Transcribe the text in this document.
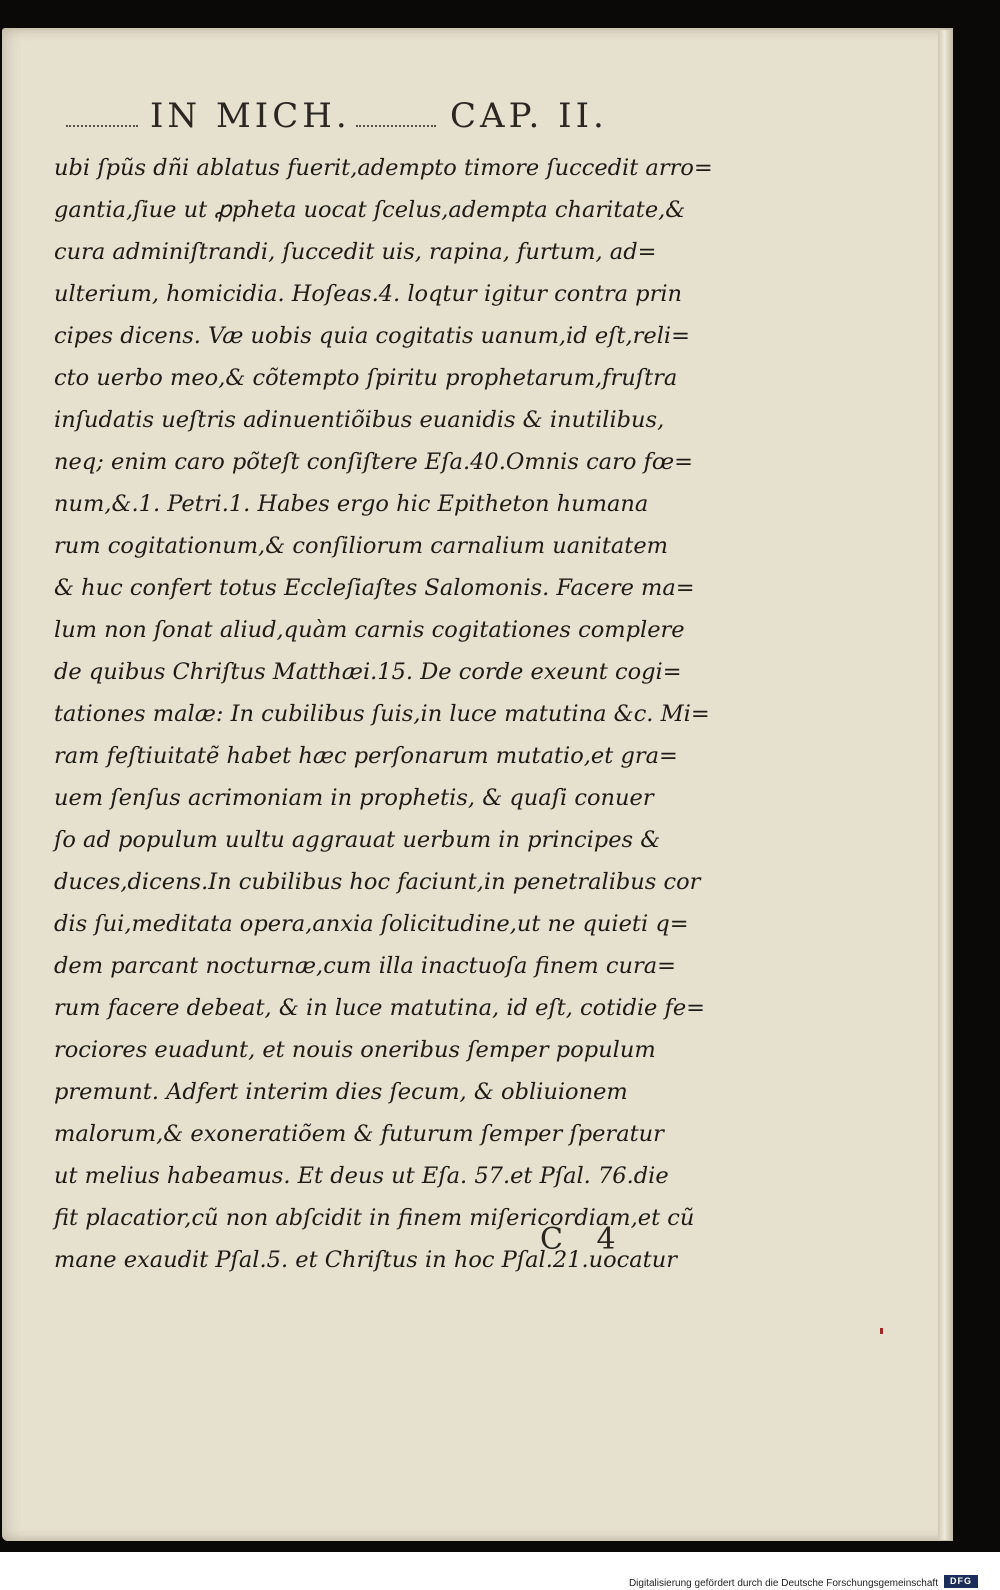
IN MICH.	CAP. II.
ubi ſpũs dñi ablatus fuerit,adempto timore ſuccedit arro=
gantia,ſiue ut ꝓpheta uocat ſcelus,adempta charitate,&
cura adminiſtrandi, ſuccedit uis, rapina, furtum, ad=
ulterium, homicidia. Hoſeas.4. loqtur igitur contra prin
cipes dicens. Væ uobis quia cogitatis uanum,id eſt,reli=
cto uerbo meo,& cõtempto ſpiritu prophetarum,fruſtra
inſudatis ueſtris adinuentiõibus euanidis & inutilibus,
neq; enim caro põteſt conſiſtere Eſa.40.Omnis caro fœ=
num,&.1. Petri.1. Habes ergo hic Epitheton humana
rum cogitationum,& conſiliorum carnalium uanitatem
& huc confert totus Eccleſiaſtes Salomonis. Facere ma=
lum non ſonat aliud,quàm carnis cogitationes complere
de quibus Chriſtus Matthæi.15. De corde exeunt cogi=
tationes malæ: In cubilibus ſuis,in luce matutina &c. Mi=
ram feſtiuitatẽ habet hæc perſonarum mutatio,et gra=
uem ſenſus acrimoniam in prophetis, & quaſi conuer
ſo ad populum uultu aggrauat uerbum in principes &
duces,dicens.In cubilibus hoc faciunt,in penetralibus cor
dis ſui,meditata opera,anxia ſolicitudine,ut ne quieti q=
dem parcant nocturnæ,cum illa inactuoſa finem cura=
rum facere debeat, & in luce matutina, id eſt, cotidie fe=
rociores euadunt, et nouis oneribus ſemper populum
premunt. Adfert interim dies ſecum, & obliuionem
malorum,& exoneratiõem & futurum ſemper ſperatur
ut melius habeamus. Et deus ut Eſa. 57.et Pſal. 76.die
fit placatior,cũ non abſcidit in finem miſericordiam,et cũ
mane exaudit Pſal.5. et Chriſtus in hoc Pſal.21.uocatur
C 4
Digitalisierung gefördert durch die Deutsche Forschungsgemeinschaft	DFG
